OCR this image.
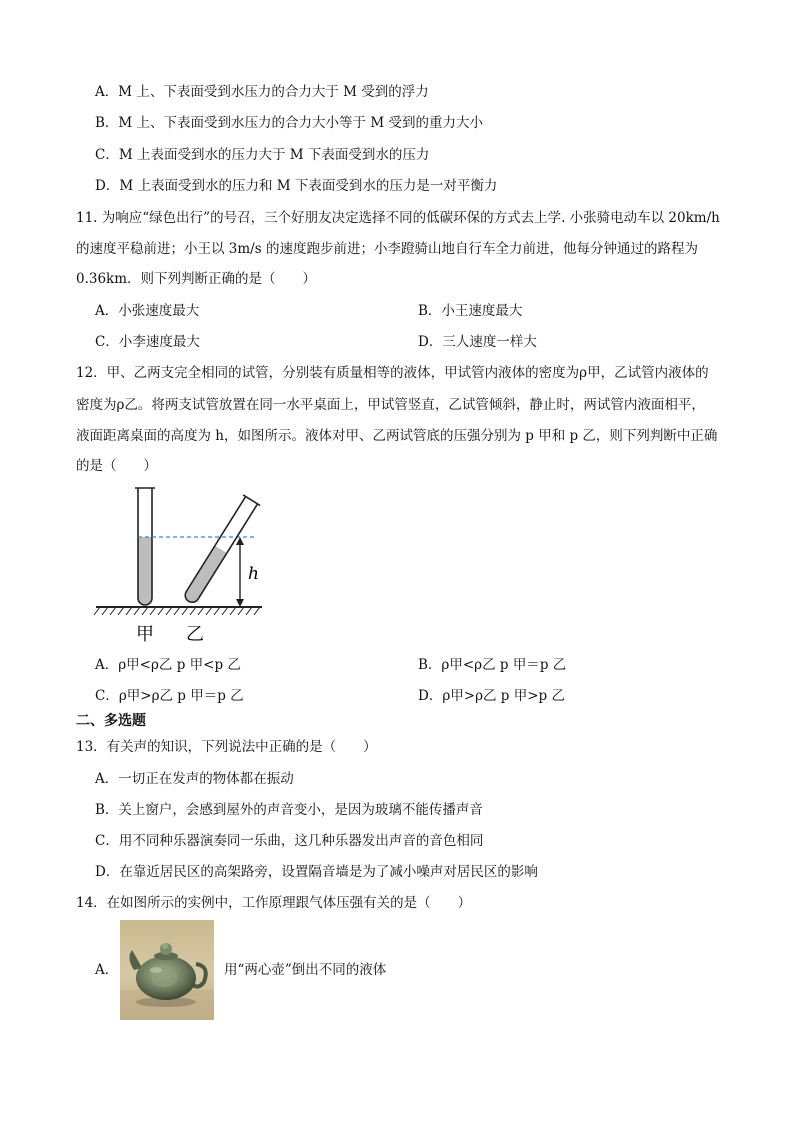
A．M 上、下表面受到水压力的合力大于 M 受到的浮力
B．M 上、下表面受到水压力的合力大小等于 M 受到的重力大小
C．M 上表面受到水的压力大于 M 下表面受到水的压力
D．M 上表面受到水的压力和 M 下表面受到水的压力是一对平衡力
11. 为响应“绿色出行”的号召，三个好朋友决定选择不同的低碳环保的方式去上学. 小张骑电动车以 20km/h
的速度平稳前进；小王以 3m/s 的速度跑步前进；小李蹬骑山地自行车全力前进，他每分钟通过的路程为
0.36km．则下列判断正确的是（　　）
A．小张速度最大	B．小王速度最大
C．小李速度最大	D．三人速度一样大
12．甲、乙两支完全相同的试管，分别装有质量相等的液体，甲试管内液体的密度为ρ甲，乙试管内液体的
密度为ρ乙。将两支试管放置在同一水平桌面上，甲试管竖直，乙试管倾斜，静止时，两试管内液面相平，
液面距离桌面的高度为 h，如图所示。液体对甲、乙两试管底的压强分别为 p 甲和 p 乙，则下列判断中正确
的是（　　）
h
甲 乙
A．ρ甲<ρ乙 p 甲<p 乙	B．ρ甲<ρ乙 p 甲＝p 乙
C．ρ甲>ρ乙 p 甲＝p 乙	D．ρ甲>ρ乙 p 甲>p 乙
二、多选题
13．有关声的知识，下列说法中正确的是（　　）
A．一切正在发声的物体都在振动
B．关上窗户，会感到屋外的声音变小，是因为玻璃不能传播声音
C．用不同种乐器演奏同一乐曲，这几种乐器发出声音的音色相同
D．在靠近居民区的高架路旁，设置隔音墙是为了减小噪声对居民区的影响
14．在如图所示的实例中，工作原理跟气体压强有关的是（　　）
A．	用“两心壶”倒出不同的液体
